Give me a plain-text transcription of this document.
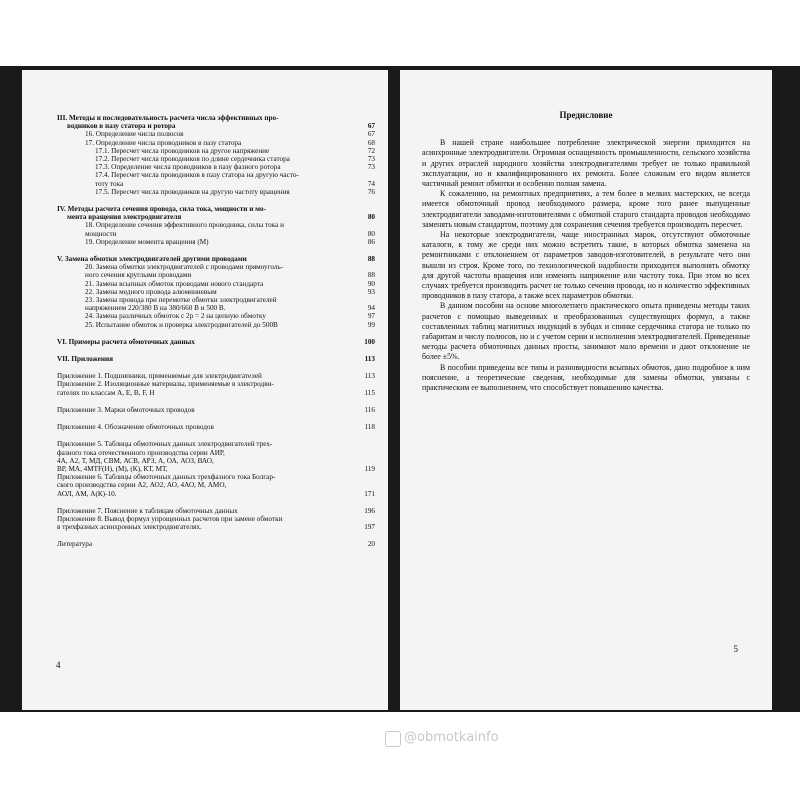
III. Методы и последовательность расчета числа эффективных про-
водников в пазу статора и ротора	67
16. Определение числа полюсов	67
17. Определение числа проводников в пазу статора	68
17.1. Пересчет числа проводников на другое напряжение	72
17.2. Пересчет числа проводников по длине сердечника статора	73
17.3. Определение числа проводников в пазу фазного ротора	73
17.4. Пересчет числа проводников в пазу статора на другую часто-
тоту тока	74
17.5. Пересчет числа проводников на другую частоту вращения	76
IV. Методы расчета сечения провода, сила тока, мощности и мо-
мента вращения электродвигателя	80
18. Определение сечения эффективного проводника, силы тока и
мощности	80
19. Определение момента вращения (М)	86
V. Замена обмотки электродвигателей другими проводами	88
20. Замена обмотки электродвигателей с проводами прямоуголь-
ного сечения круглыми проводами	88
21. Замена всыпных обмоток проводами нового стандарта	90
22. Замена медного провода алюминиевым	93
23. Замена провода при перемотке обмотки электродвигателей
напряжением 220/380 В на 380/660 В и 500 В.	94
24. Замена различных обмоток с 2р = 2 на цепную обмотку	97
25. Испытание обмоток и проверка электродвигателей до 500В	99
VI. Примеры расчета обмоточных данных	100
VII. Приложения	113
Приложение 1. Подшипники, применяемые для электродвигателей	113
Приложение 2. Изоляционные материалы, применяемые в электродви-
гателях по классам А, Е, В, F, Н	115
Приложение 3. Марки обмоточных проводов	116
Приложение 4. Обозначение обмоточных проводов	118
Приложение 5. Таблицы обмоточных данных электродвигателей трех-
фазного тока отечественного производства серии АИР,
4А, А2, Т, МД, СВМ, АСВ, АРЗ, А, ОА, АОЗ, ВАО,
ВР, МА, 4МТF(Н), (М), (К), КТ, МТ,	119
Приложение 6. Таблицы обмоточных данных трехфазного тока Болгар-
ского производства серии А2, АО2, АО, 4АО, М, АМО,
АОЛ, АМ, А(К)-10.	171
Приложение 7. Пояснение к таблицам обмоточных данных	196
Приложение 8. Вывод формул упрощенных расчетов при замене обмотки
в трехфазных асинхронных электродвигателях.	197
Литература	20
4
Предисловие

В нашей стране наибольшее потребление электрической энергии приходится на асинхронные электродвигатели. Огромная оснащенность промышленности, сельского хозяйства и других отраслей народного хозяйства электродвигателями требует не только правильной эксплуатации, но и квалифицированного их ремонта. Более сложным его видом является частичный ремонт обмотки и особенно полная замена.

К сожалению, на ремонтных предприятиях, а тем более в мелких мастерских, не всегда имеется обмоточный провод необходимого размера, кроме того ранее выпущенные электродвигатели заводами-изготовителями с обмоткой старого стандарта проводов необходимо заменять новым стандартом, поэтому для сохранения сечения требуется производить пересчет.

На некоторые электродвигатели, чаще иностранных марок, отсутствуют обмоточные каталоги, к тому же среди них можно встретить такие, в которых обмотка заменена на ремонтниками с отклонением от параметров заводов-изготовителей, в результате чего они вышли из строя. Кроме того, по технологической надобности приходится выполнять обмотку для другой частоты вращения или изменять напряжение или частоту тока. При этом во всех случаях требуется производить расчет не только сечения провода, но и количество эффективных проводников в пазу статора, а также всех параметров обмотки.

В данном пособии на основе многолетнего практического опыта приведены методы таких расчетов с помощью выведенных и преобразованных существующих формул, а также составленных таблиц магнитных индукций в зубцах и спинке сердечника статора не только по габаритам и числу полюсов, но и с учетом серии и исполнения электродвигателей. Приведенные методы расчета обмоточных данных просты, занимают мало времени и дают отклонение не более ±5%.

В пособии приведены все типы и разновидности всыпных обмоток, дано подробное к ним пояснение, а теоретические сведения, необходимые для замены обмотки, увязаны с практическим ее выполнением, что способствует повышению качества.

5
@obmotkainfo
